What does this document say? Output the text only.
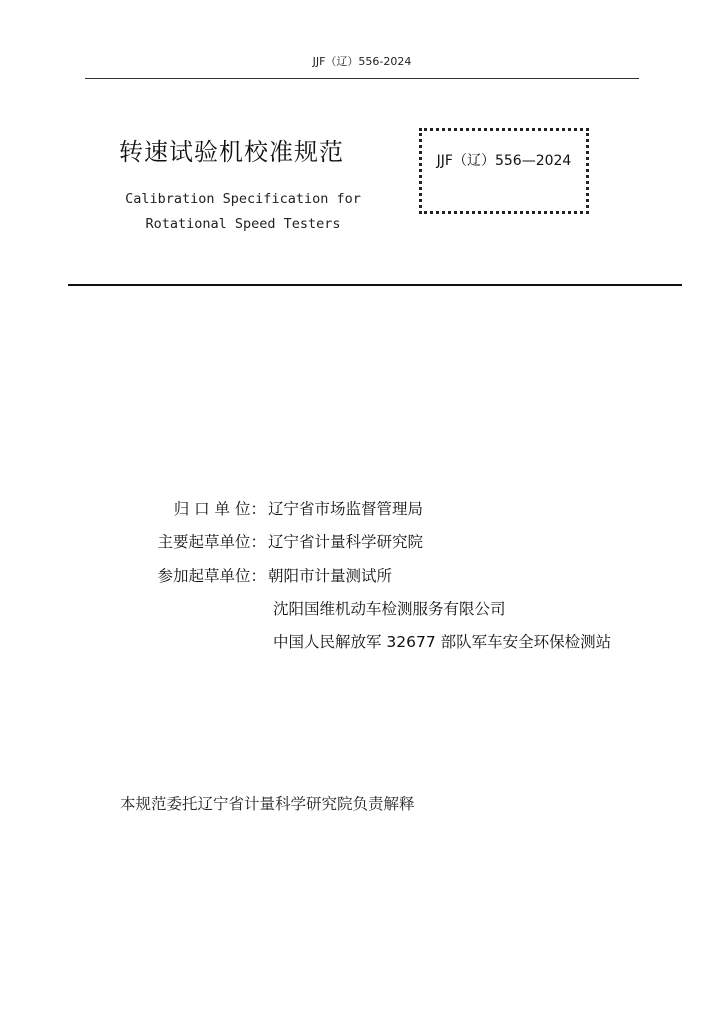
JJF（辽）556-2024
转速试验机校准规范
Calibration Specification for
Rotational Speed Testers
JJF（辽）556—2024
归 口 单 位： 辽宁省市场监督管理局
主要起草单位： 辽宁省计量科学研究院
参加起草单位： 朝阳市计量测试所
沈阳国维机动车检测服务有限公司
中国人民解放军 32677 部队军车安全环保检测站
本规范委托辽宁省计量科学研究院负责解释
